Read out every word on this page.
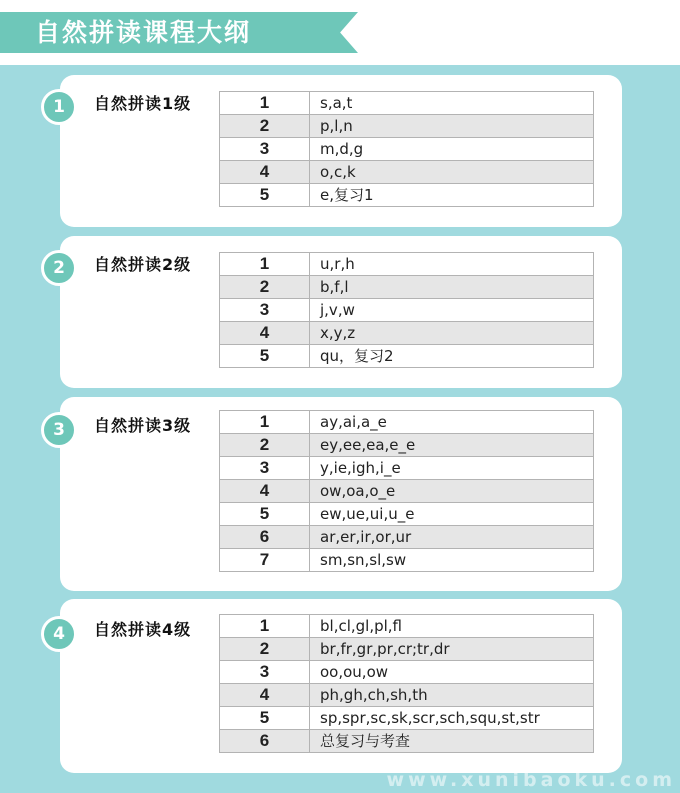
自然拼读课程大纲
1	自然拼读1级	1	s,a,t
2	p,l,n
3	m,d,g
4	o,c,k
5	e,复习1
2	自然拼读2级	1	u,r,h
2	b,f,l
3	j,v,w
4	x,y,z
5	qu，复习2
3	自然拼读3级	1	ay,ai,a_e
2	ey,ee,ea,e_e
3	y,ie,igh,i_e
4	ow,oa,o_e
5	ew,ue,ui,u_e
6	ar,er,ir,or,ur
7	sm,sn,sl,sw
4	自然拼读4级	1	bl,cl,gl,pl,fl
2	br,fr,gr,pr,cr;tr,dr
3	oo,ou,ow
4	ph,gh,ch,sh,th
5	sp,spr,sc,sk,scr,sch,squ,st,str
6	总复习与考查
www.xunibaoku.com
